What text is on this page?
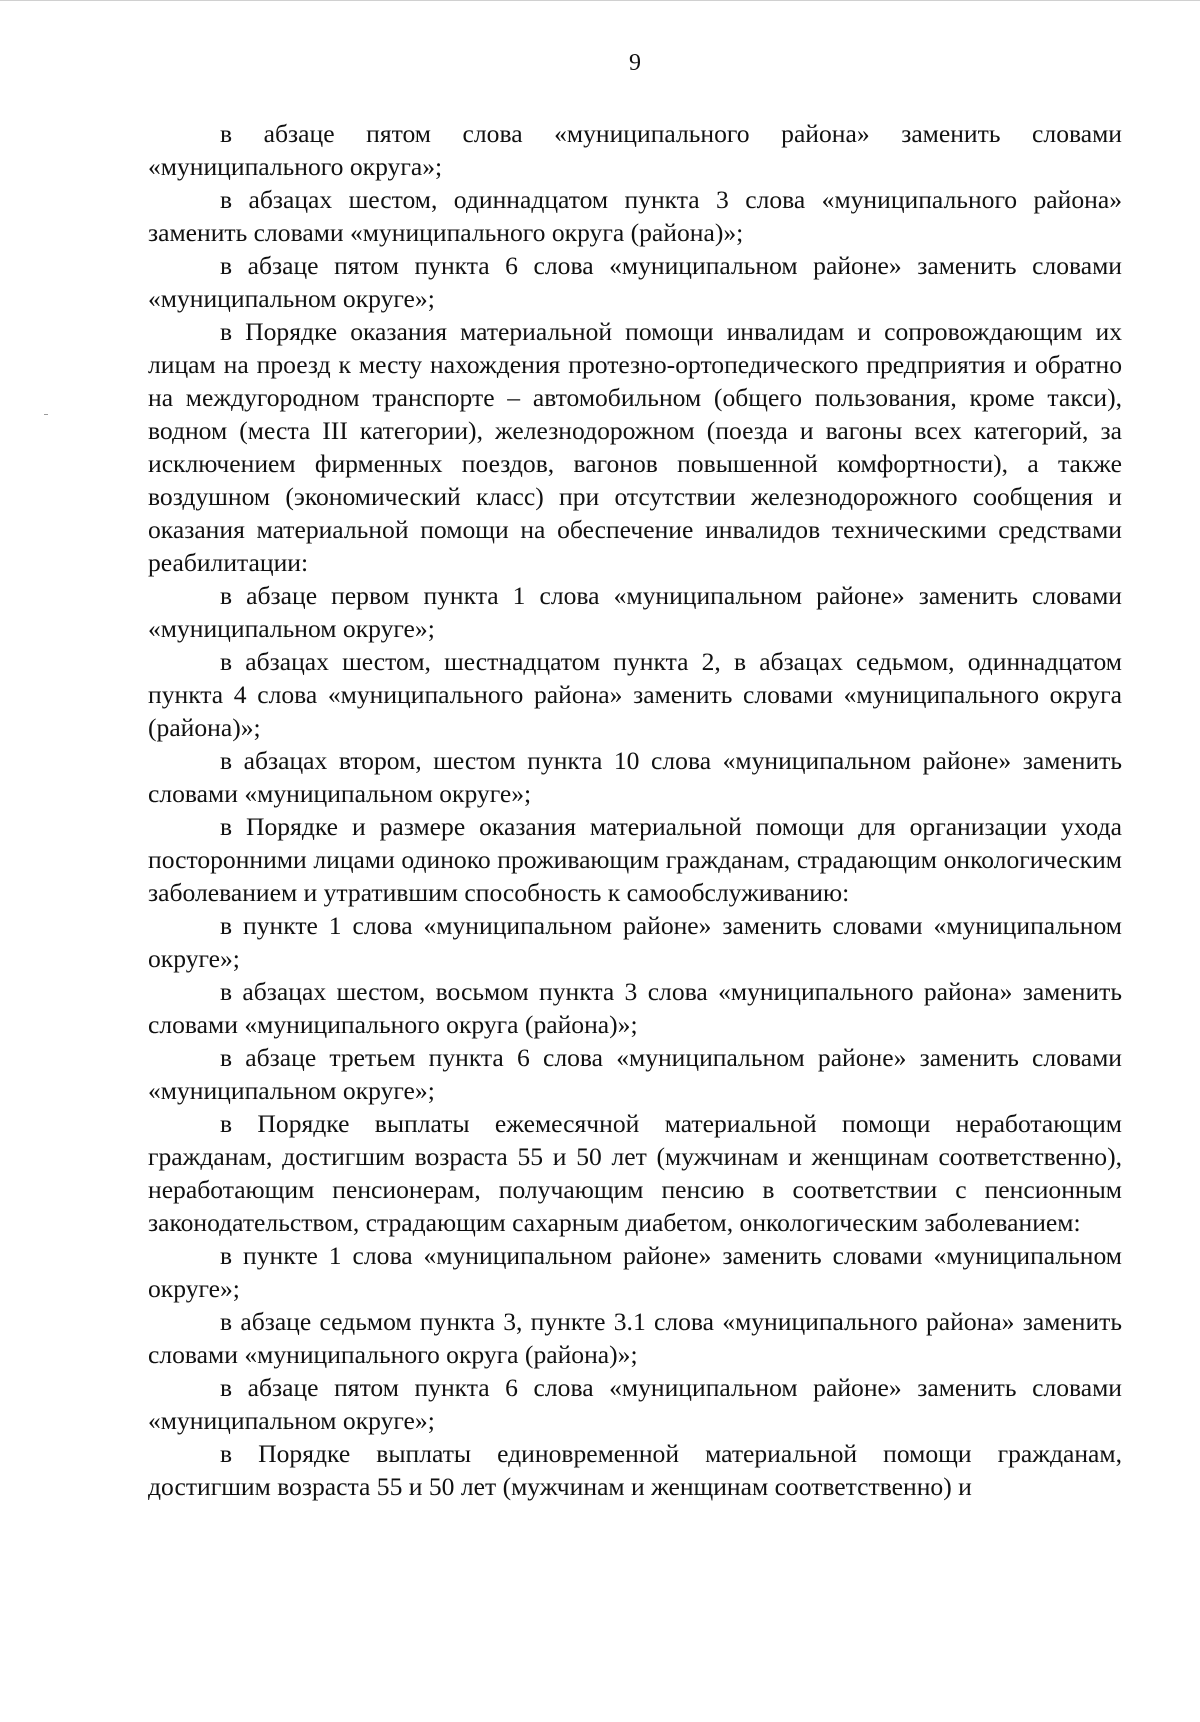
9

в абзаце пятом слова «муниципального района» заменить словами «муниципального округа»;

в абзацах шестом, одиннадцатом пункта 3 слова «муниципального района» заменить словами «муниципального округа (района)»;

в абзаце пятом пункта 6 слова «муниципальном районе» заменить словами «муниципальном округе»;

в Порядке оказания материальной помощи инвалидам и сопровождающим их лицам на проезд к месту нахождения протезно-ортопедического предприятия и обратно на междугородном транспорте – автомобильном (общего пользования, кроме такси), водном (места III категории), железнодорожном (поезда и вагоны всех категорий, за исключением фирменных поездов, вагонов повышенной комфортности), а также воздушном (экономический класс) при отсутствии железнодорожного сообщения и оказания материальной помощи на обеспечение инвалидов техническими средствами реабилитации:

в абзаце первом пункта 1 слова «муниципальном районе» заменить словами «муниципальном округе»;

в абзацах шестом, шестнадцатом пункта 2, в абзацах седьмом, одиннадцатом пункта 4 слова «муниципального района» заменить словами «муниципального округа (района)»;

в абзацах втором, шестом пункта 10 слова «муниципальном районе» заменить словами «муниципальном округе»;

в Порядке и размере оказания материальной помощи для организации ухода посторонними лицами одиноко проживающим гражданам, страдающим онкологическим заболеванием и утратившим способность к самообслуживанию:

в пункте 1 слова «муниципальном районе» заменить словами «муниципальном округе»;

в абзацах шестом, восьмом пункта 3 слова «муниципального района» заменить словами «муниципального округа (района)»;

в абзаце третьем пункта 6 слова «муниципальном районе» заменить словами «муниципальном округе»;

в Порядке выплаты ежемесячной материальной помощи неработающим гражданам, достигшим возраста 55 и 50 лет (мужчинам и женщинам соответственно), неработающим пенсионерам, получающим пенсию в соответствии с пенсионным законодательством, страдающим сахарным диабетом, онкологическим заболеванием:

в пункте 1 слова «муниципальном районе» заменить словами «муниципальном округе»;

в абзаце седьмом пункта 3, пункте 3.1 слова «муниципального района» заменить словами «муниципального округа (района)»;

в абзаце пятом пункта 6 слова «муниципальном районе» заменить словами «муниципальном округе»;

в Порядке выплаты единовременной материальной помощи гражданам, достигшим возраста 55 и 50 лет (мужчинам и женщинам соответственно) и
